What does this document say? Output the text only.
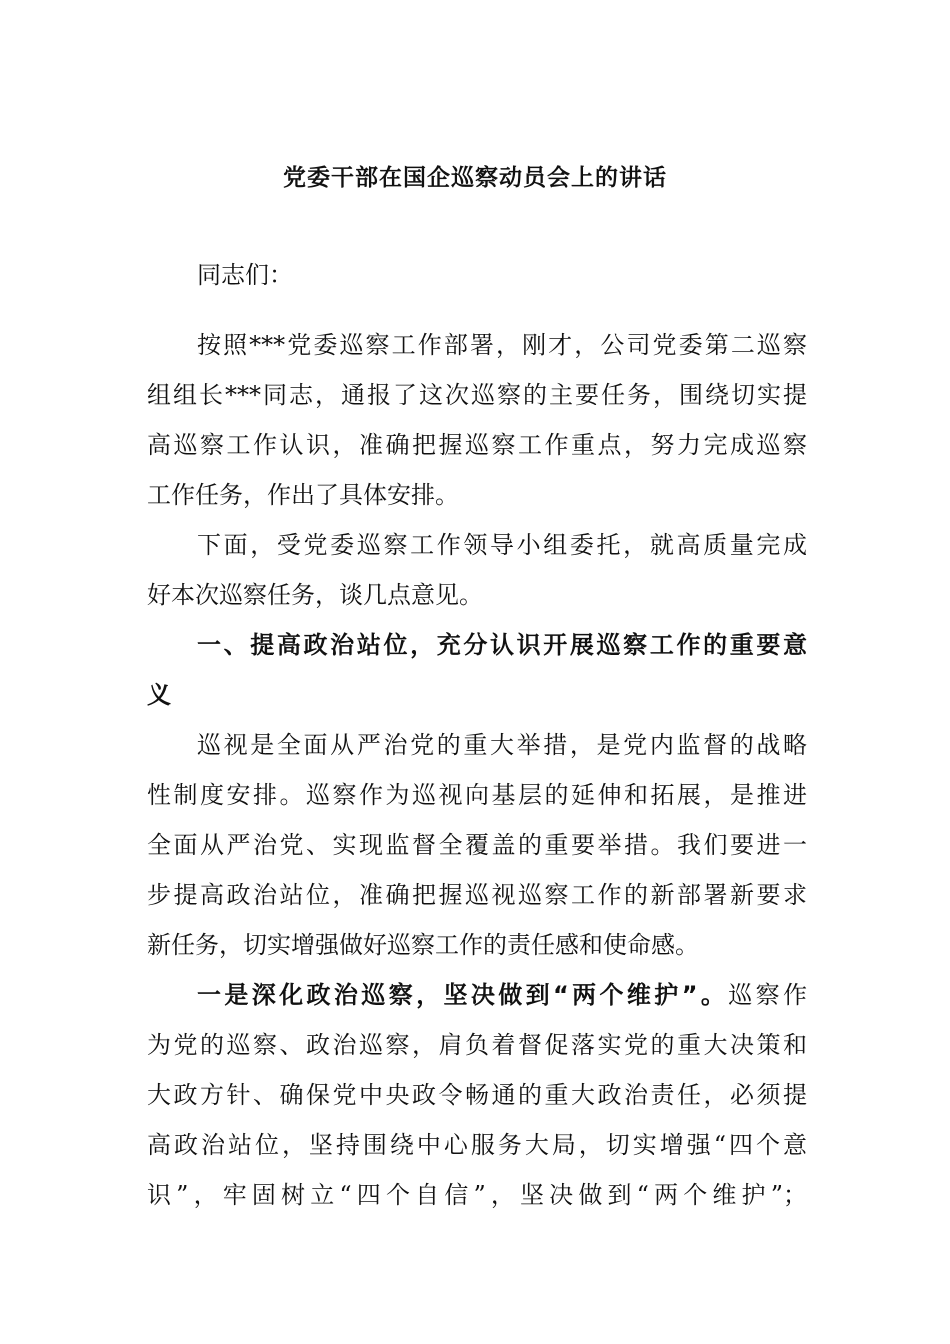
党委干部在国企巡察动员会上的讲话
同志们：
按照***党委巡察工作部署，刚才，公司党委第二巡察
组组长***同志，通报了这次巡察的主要任务，围绕切实提
高巡察工作认识，准确把握巡察工作重点，努力完成巡察
工作任务，作出了具体安排。
下面，受党委巡察工作领导小组委托，就高质量完成
好本次巡察任务，谈几点意见。
一、提高政治站位，充分认识开展巡察工作的重要意
义
巡视是全面从严治党的重大举措，是党内监督的战略
性制度安排。巡察作为巡视向基层的延伸和拓展，是推进
全面从严治党、实现监督全覆盖的重要举措。我们要进一
步提高政治站位，准确把握巡视巡察工作的新部署新要求
新任务，切实增强做好巡察工作的责任感和使命感。
一是深化政治巡察，坚决做到“两个维护”。巡察作
为党的巡察、政治巡察，肩负着督促落实党的重大决策和
大政方针、确保党中央政令畅通的重大政治责任，必须提
高政治站位，坚持围绕中心服务大局，切实增强“四个意
识”，牢固树立“四个自信”，坚决做到“两个维护”；
